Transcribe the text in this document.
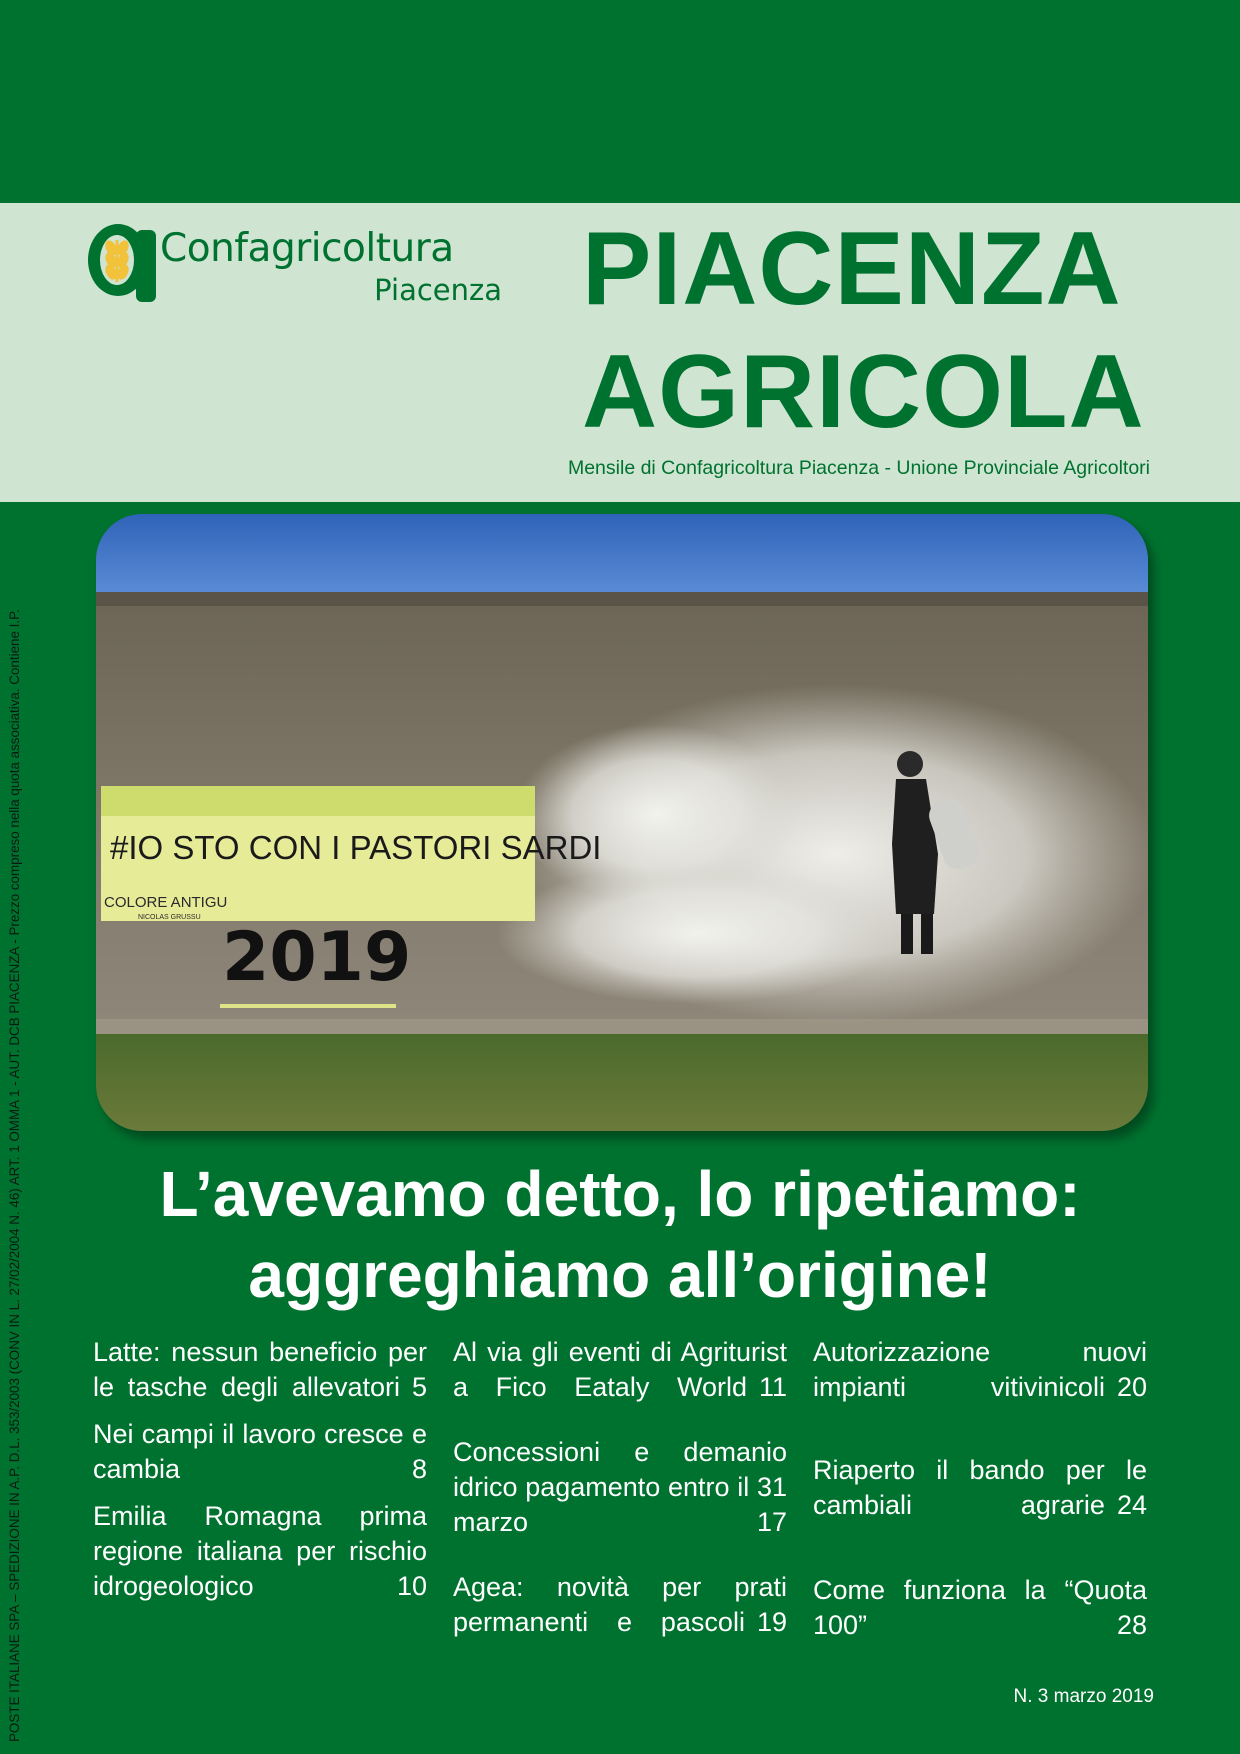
Confagricoltura
Piacenza PIACENZA
AGRICOLA
Mensile di Confagricoltura Piacenza - Unione Provinciale Agricoltori
POSTE ITALIANE SPA – SPEDIZIONE IN A.P. D.L. 353/2003 (CONV IN L. 27/02/2004 N. 46) ART. 1 OMMA 1 - AUT. DCB PIACENZA - Prezzo compreso nella quota associativa. Contiene I.P.	#IO STO CON I PASTORI SARDI
COLORE ANTIGU
NICOLAS GRUSSU
2019
L’avevamo detto, lo ripetiamo:
aggreghiamo all’origine!
Latte: nessun beneficio per le tasche degli allevatori 5
Nei campi il lavoro cresce e cambia	8
Emilia Romagna prima regione italiana per rischio idrogeologico	10
Al via gli eventi di Agriturist a Fico Eataly World 11
Concessioni e demanio idrico pagamento entro il 31 marzo	17
Agea: novità per prati permanenti e pascoli 19
Autorizzazione nuovi impianti vitivinicoli 20
Riaperto il bando per le cambiali agrarie 24
Come funziona la “Quota 100”	28
N. 3 marzo 2019
